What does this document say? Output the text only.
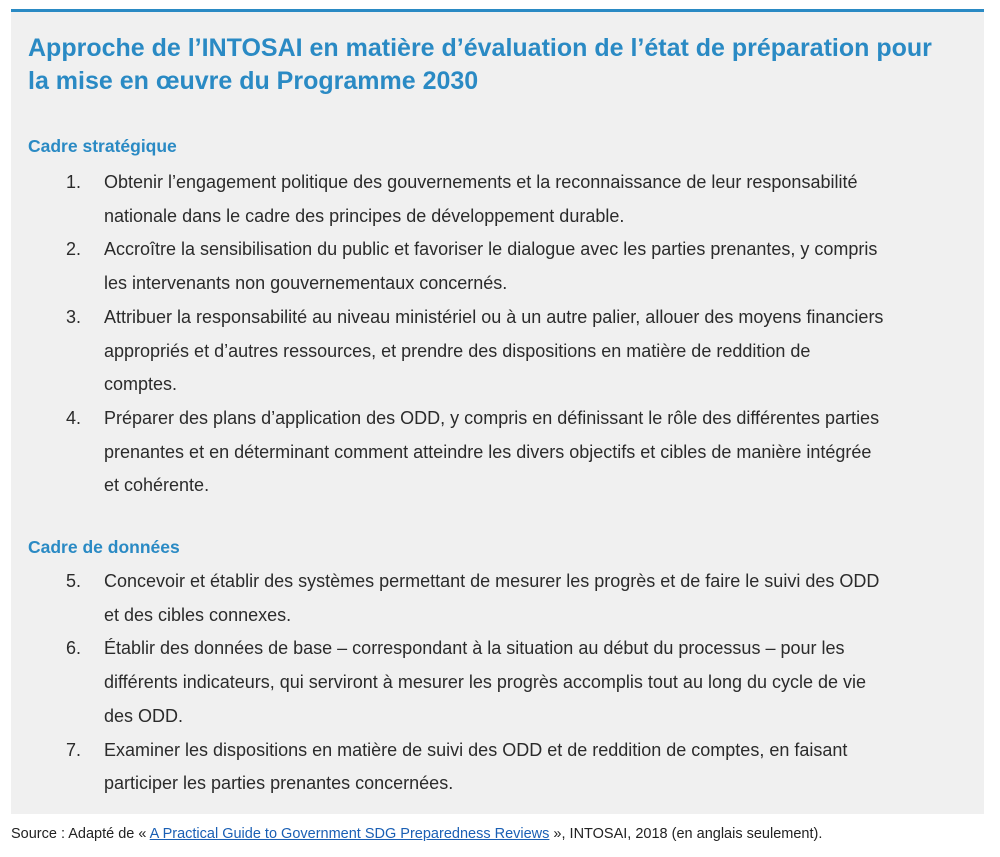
Approche de l’INTOSAI en matière d’évaluation de l’état de préparation pour la mise en œuvre du Programme 2030
Cadre stratégique
1. Obtenir l’engagement politique des gouvernements et la reconnaissance de leur responsabilité nationale dans le cadre des principes de développement durable.
2. Accroître la sensibilisation du public et favoriser le dialogue avec les parties prenantes, y compris les intervenants non gouvernementaux concernés.
3. Attribuer la responsabilité au niveau ministériel ou à un autre palier, allouer des moyens financiers appropriés et d’autres ressources, et prendre des dispositions en matière de reddition de comptes.
4. Préparer des plans d’application des ODD, y compris en définissant le rôle des différentes parties prenantes et en déterminant comment atteindre les divers objectifs et cibles de manière intégrée et cohérente.
Cadre de données
5. Concevoir et établir des systèmes permettant de mesurer les progrès et de faire le suivi des ODD et des cibles connexes.
6. Établir des données de base – correspondant à la situation au début du processus – pour les différents indicateurs, qui serviront à mesurer les progrès accomplis tout au long du cycle de vie des ODD.
7. Examiner les dispositions en matière de suivi des ODD et de reddition de comptes, en faisant participer les parties prenantes concernées.
Source : Adapté de « A Practical Guide to Government SDG Preparedness Reviews », INTOSAI, 2018 (en anglais seulement).
